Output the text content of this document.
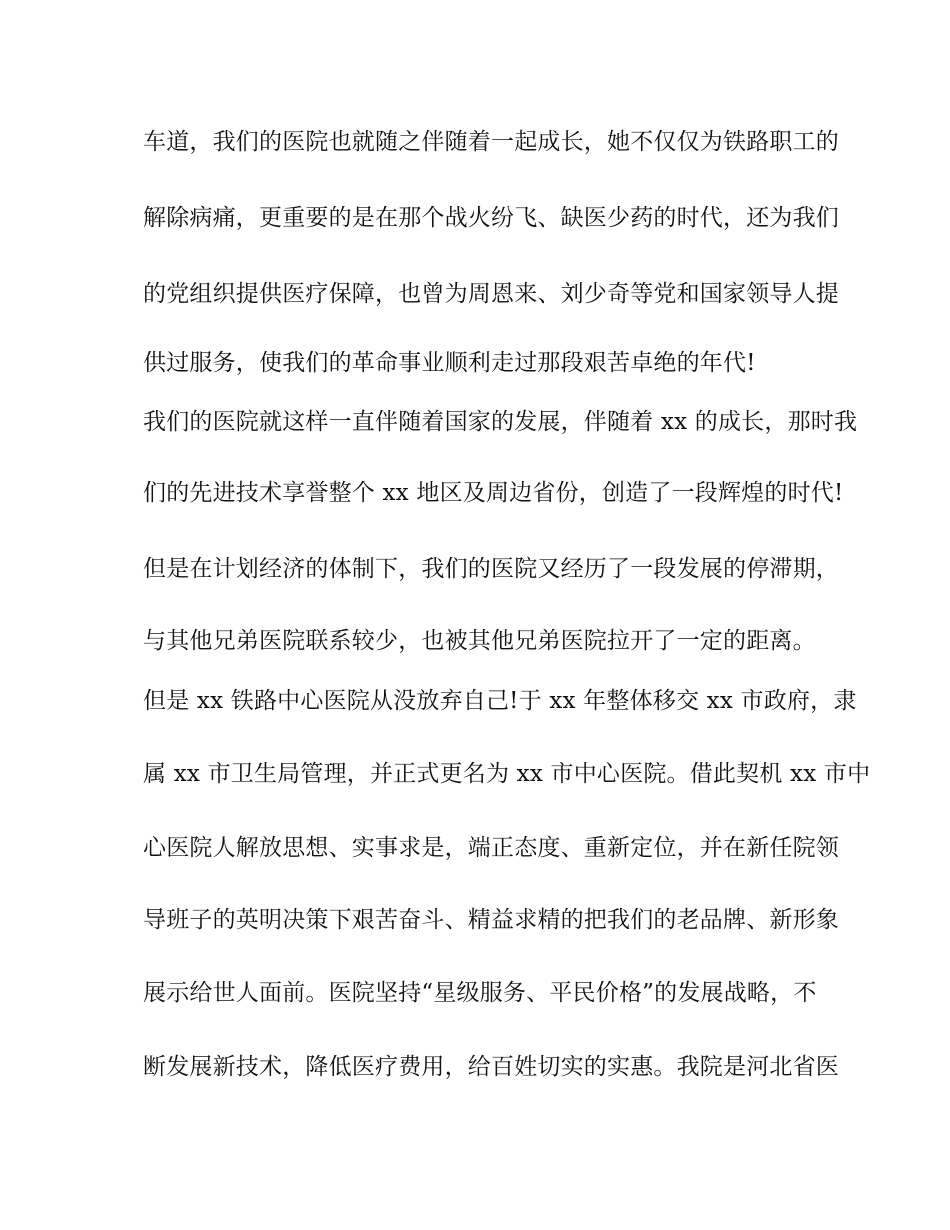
车道，我们的医院也就随之伴随着一起成长，她不仅仅为铁路职工的
解除病痛，更重要的是在那个战火纷飞、缺医少药的时代，还为我们
的党组织提供医疗保障，也曾为周恩来、刘少奇等党和国家领导人提
供过服务，使我们的革命事业顺利走过那段艰苦卓绝的年代!
我们的医院就这样一直伴随着国家的发展，伴随着 xx 的成长，那时我
们的先进技术享誉整个 xx 地区及周边省份，创造了一段辉煌的时代!
但是在计划经济的体制下，我们的医院又经历了一段发展的停滞期，
与其他兄弟医院联系较少，也被其他兄弟医院拉开了一定的距离。
但是 xx 铁路中心医院从没放弃自己!于 xx 年整体移交 xx 市政府，隶
属 xx 市卫生局管理，并正式更名为 xx 市中心医院。借此契机 xx 市中
心医院人解放思想、实事求是，端正态度、重新定位，并在新任院领
导班子的英明决策下艰苦奋斗、精益求精的把我们的老品牌、新形象
展示给世人面前。医院坚持“星级服务、平民价格”的发展战略，不
断发展新技术，降低医疗费用，给百姓切实的实惠。我院是河北省医
